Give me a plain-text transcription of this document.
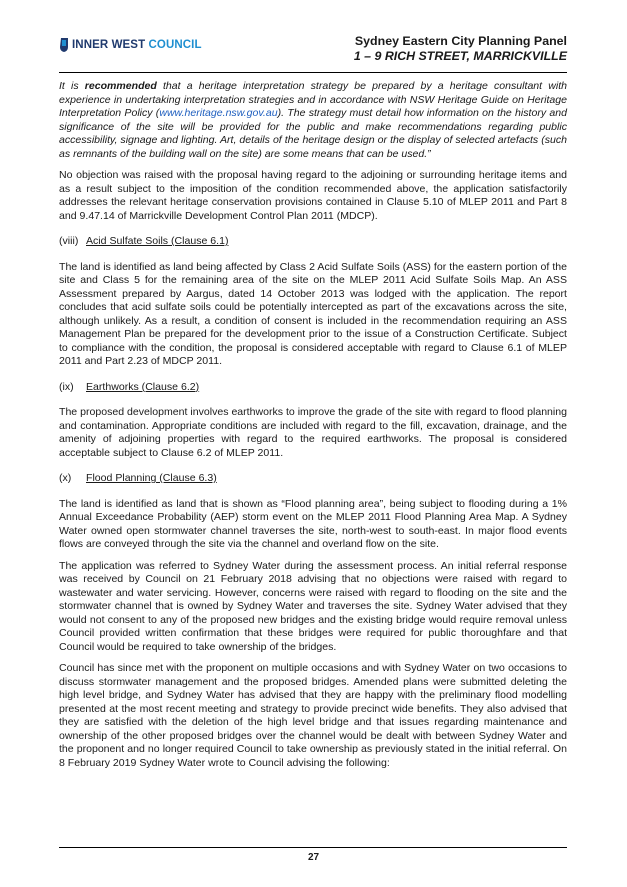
INNER WEST COUNCIL	Sydney Eastern City Planning Panel
1 – 9 RICH STREET, MARRICKVILLE

It is recommended that a heritage interpretation strategy be prepared by a heritage consultant with experience in undertaking interpretation strategies and in accordance with NSW Heritage Guide on Heritage Interpretation Policy (www.heritage.nsw.gov.au). The strategy must detail how information on the history and significance of the site will be provided for the public and make recommendations regarding public accessibility, signage and lighting. Art, details of the heritage design or the display of selected artefacts (such as remnants of the building wall on the site) are some means that can be used.”

No objection was raised with the proposal having regard to the adjoining or surrounding heritage items and as a result subject to the imposition of the condition recommended above, the application satisfactorily addresses the relevant heritage conservation provisions contained in Clause 5.10 of MLEP 2011 and Part 8 and 9.47.14 of Marrickville Development Control Plan 2011 (MDCP).

(viii) Acid Sulfate Soils (Clause 6.1)

The land is identified as land being affected by Class 2 Acid Sulfate Soils (ASS) for the eastern portion of the site and Class 5 for the remaining area of the site on the MLEP 2011 Acid Sulfate Soils Map. An ASS Assessment prepared by Aargus, dated 14 October 2013 was lodged with the application. The report concludes that acid sulfate soils could be potentially intercepted as part of the excavations across the site, although unlikely. As a result, a condition of consent is included in the recommendation requiring an ASS Management Plan be prepared for the development prior to the issue of a Construction Certificate. Subject to compliance with the condition, the proposal is considered acceptable with regard to Clause 6.1 of MLEP 2011 and Part 2.23 of MDCP 2011.

(ix)	Earthworks (Clause 6.2)

The proposed development involves earthworks to improve the grade of the site with regard to flood planning and contamination. Appropriate conditions are included with regard to the fill, excavation, drainage, and the amenity of adjoining properties with regard to the required earthworks. The proposal is considered acceptable subject to Clause 6.2 of MLEP 2011.

(x)	Flood Planning (Clause 6.3)

The land is identified as land that is shown as “Flood planning area”, being subject to flooding during a 1% Annual Exceedance Probability (AEP) storm event on the MLEP 2011 Flood Planning Area Map. A Sydney Water owned open stormwater channel traverses the site, north-west to south-east. In major flood events flows are conveyed through the site via the channel and overland flow on the site.

The application was referred to Sydney Water during the assessment process. An initial referral response was received by Council on 21 February 2018 advising that no objections were raised with regard to wastewater and water servicing. However, concerns were raised with regard to flooding on the site and the stormwater channel that is owned by Sydney Water and traverses the site. Sydney Water advised that they would not consent to any of the proposed new bridges and the existing bridge would require removal unless Council provided written confirmation that these bridges were required for public thoroughfare and that Council would be required to take ownership of the bridges.

Council has since met with the proponent on multiple occasions and with Sydney Water on two occasions to discuss stormwater management and the proposed bridges. Amended plans were submitted deleting the high level bridge, and Sydney Water has advised that they are happy with the preliminary flood modelling presented at the most recent meeting and strategy to provide precinct wide benefits. They also advised that they are satisfied with the deletion of the high level bridge and that issues regarding maintenance and ownership of the other proposed bridges over the channel would be dealt with between Sydney Water and the proponent and no longer required Council to take ownership as previously stated in the initial referral. On 8 February 2019 Sydney Water wrote to Council advising the following:

27
